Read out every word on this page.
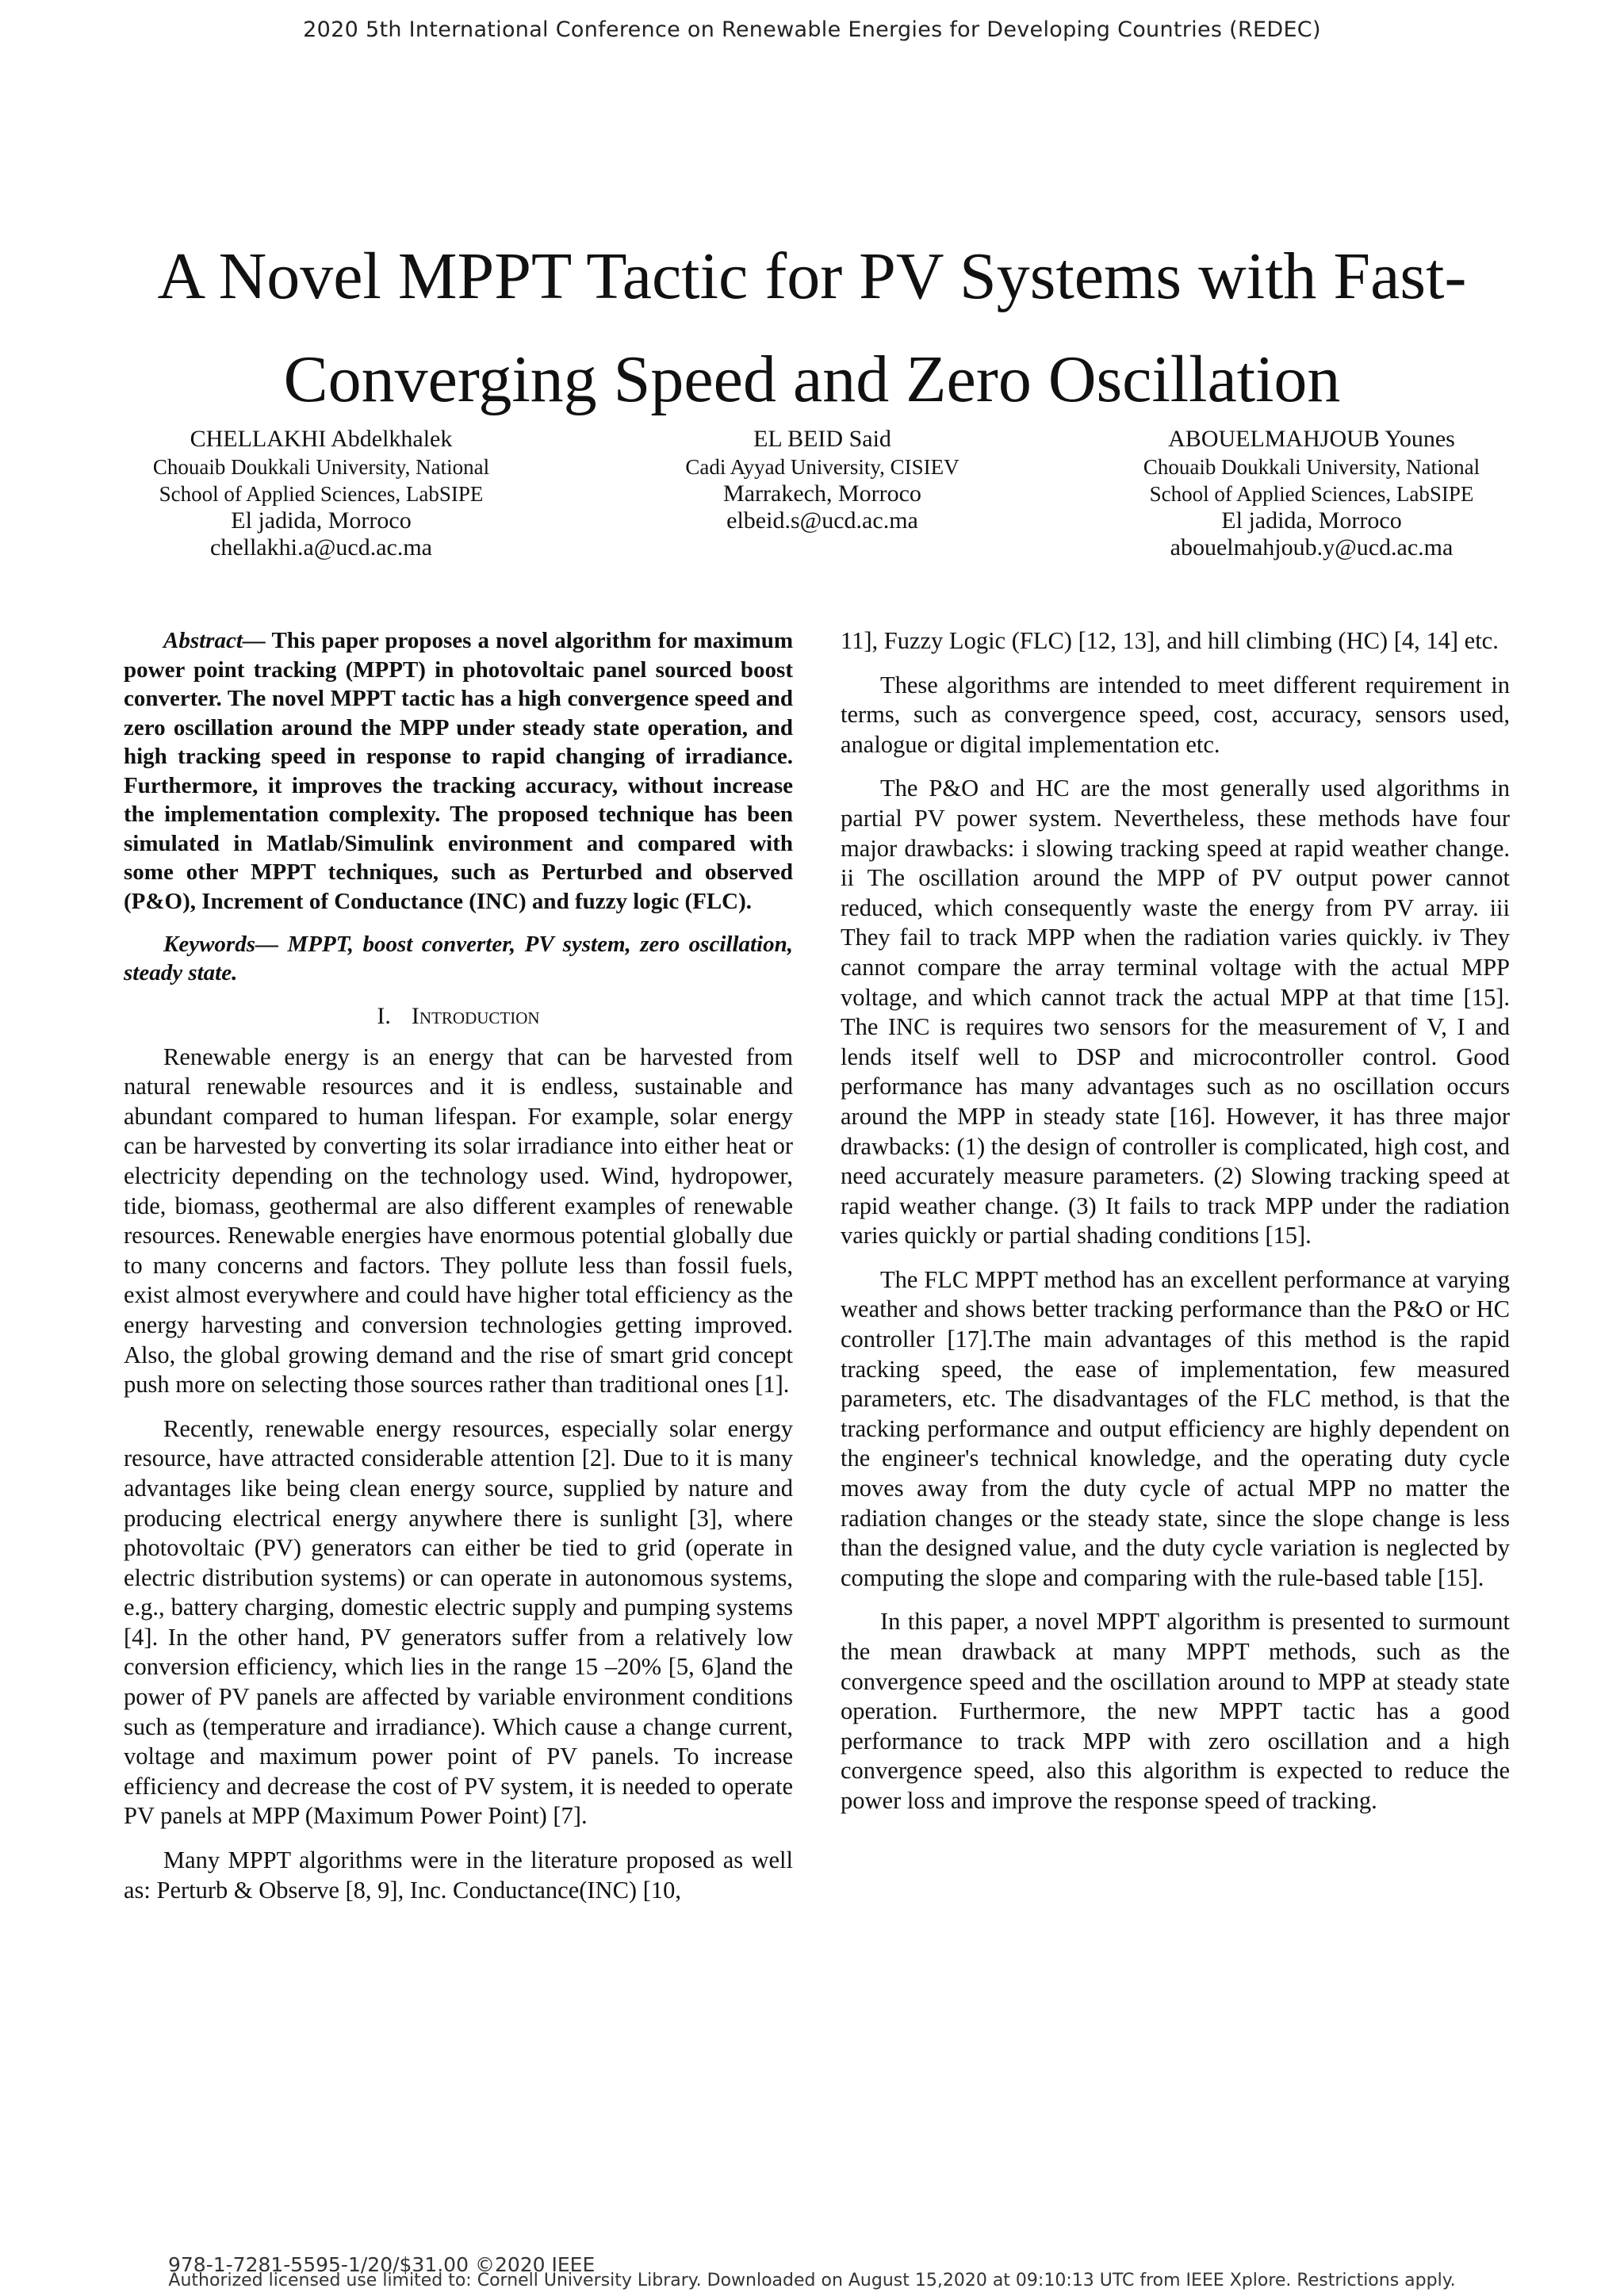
2020 5th International Conference on Renewable Energies for Developing Countries (REDEC)
A Novel MPPT Tactic for PV Systems with Fast-
Converging Speed and Zero Oscillation
CHELLAKHI Abdelkhalek
Chouaib Doukkali University, National
School of Applied Sciences, LabSIPE
El jadida, Morroco
chellakhi.a@ucd.ac.ma
EL BEID Said
Cadi Ayyad University, CISIEV
Marrakech, Morroco
elbeid.s@ucd.ac.ma
ABOUELMAHJOUB Younes
Chouaib Doukkali University, National
School of Applied Sciences, LabSIPE
El jadida, Morroco
abouelmahjoub.y@ucd.ac.ma

Abstract— This paper proposes a novel algorithm for maximum power point tracking (MPPT) in photovoltaic panel sourced boost converter. The novel MPPT tactic has a high convergence speed and zero oscillation around the MPP under steady state operation, and high tracking speed in response to rapid changing of irradiance. Furthermore, it improves the tracking accuracy, without increase the implementation complexity. The proposed technique has been simulated in Matlab/Simulink environment and compared with some other MPPT techniques, such as Perturbed and observed (P&O), Increment of Conductance (INC) and fuzzy logic (FLC).

Keywords— MPPT, boost converter, PV system, zero oscillation, steady state.

I. Introduction

Renewable energy is an energy that can be harvested from natural renewable resources and it is endless, sustainable and abundant compared to human lifespan. For example, solar energy can be harvested by converting its solar irradiance into either heat or electricity depending on the technology used. Wind, hydropower, tide, biomass, geothermal are also different examples of renewable resources. Renewable energies have enormous potential globally due to many concerns and factors. They pollute less than fossil fuels, exist almost everywhere and could have higher total efficiency as the energy harvesting and conversion technologies getting improved. Also, the global growing demand and the rise of smart grid concept push more on selecting those sources rather than traditional ones [1].

Recently, renewable energy resources, especially solar energy resource, have attracted considerable attention [2]. Due to it is many advantages like being clean energy source, supplied by nature and producing electrical energy anywhere there is sunlight [3], where photovoltaic (PV) generators can either be tied to grid (operate in electric distribution systems) or can operate in autonomous systems, e.g., battery charging, domestic electric supply and pumping systems [4]. In the other hand, PV generators suffer from a relatively low conversion efficiency, which lies in the range 15 –20% [5, 6]and the power of PV panels are affected by variable environment conditions such as (temperature and irradiance). Which cause a change current, voltage and maximum power point of PV panels. To increase efficiency and decrease the cost of PV system, it is needed to operate PV panels at MPP (Maximum Power Point) [7].

Many MPPT algorithms were in the literature proposed as well as: Perturb & Observe [8, 9], Inc. Conductance(INC) [10,

11], Fuzzy Logic (FLC) [12, 13], and hill climbing (HC) [4, 14] etc.

These algorithms are intended to meet different requirement in terms, such as convergence speed, cost, accuracy, sensors used, analogue or digital implementation etc.

The P&O and HC are the most generally used algorithms in partial PV power system. Nevertheless, these methods have four major drawbacks: i slowing tracking speed at rapid weather change. ii The oscillation around the MPP of PV output power cannot reduced, which consequently waste the energy from PV array. iii They fail to track MPP when the radiation varies quickly. iv They cannot compare the array terminal voltage with the actual MPP voltage, and which cannot track the actual MPP at that time [15]. The INC is requires two sensors for the measurement of V, I and lends itself well to DSP and microcontroller control. Good performance has many advantages such as no oscillation occurs around the MPP in steady state [16]. However, it has three major drawbacks: (1) the design of controller is complicated, high cost, and need accurately measure parameters. (2) Slowing tracking speed at rapid weather change. (3) It fails to track MPP under the radiation varies quickly or partial shading conditions [15].

The FLC MPPT method has an excellent performance at varying weather and shows better tracking performance than the P&O or HC controller [17].The main advantages of this method is the rapid tracking speed, the ease of implementation, few measured parameters, etc. The disadvantages of the FLC method, is that the tracking performance and output efficiency are highly dependent on the engineer's technical knowledge, and the operating duty cycle moves away from the duty cycle of actual MPP no matter the radiation changes or the steady state, since the slope change is less than the designed value, and the duty cycle variation is neglected by computing the slope and comparing with the rule-based table [15].

In this paper, a novel MPPT algorithm is presented to surmount the mean drawback at many MPPT methods, such as the convergence speed and the oscillation around to MPP at steady state operation. Furthermore, the new MPPT tactic has a good performance to track MPP with zero oscillation and a high convergence speed, also this algorithm is expected to reduce the power loss and improve the response speed of tracking.

978-1-7281-5595-1/20/$31.00 ©2020 IEEE
Authorized licensed use limited to: Cornell University Library. Downloaded on August 15,2020 at 09:10:13 UTC from IEEE Xplore. Restrictions apply.
